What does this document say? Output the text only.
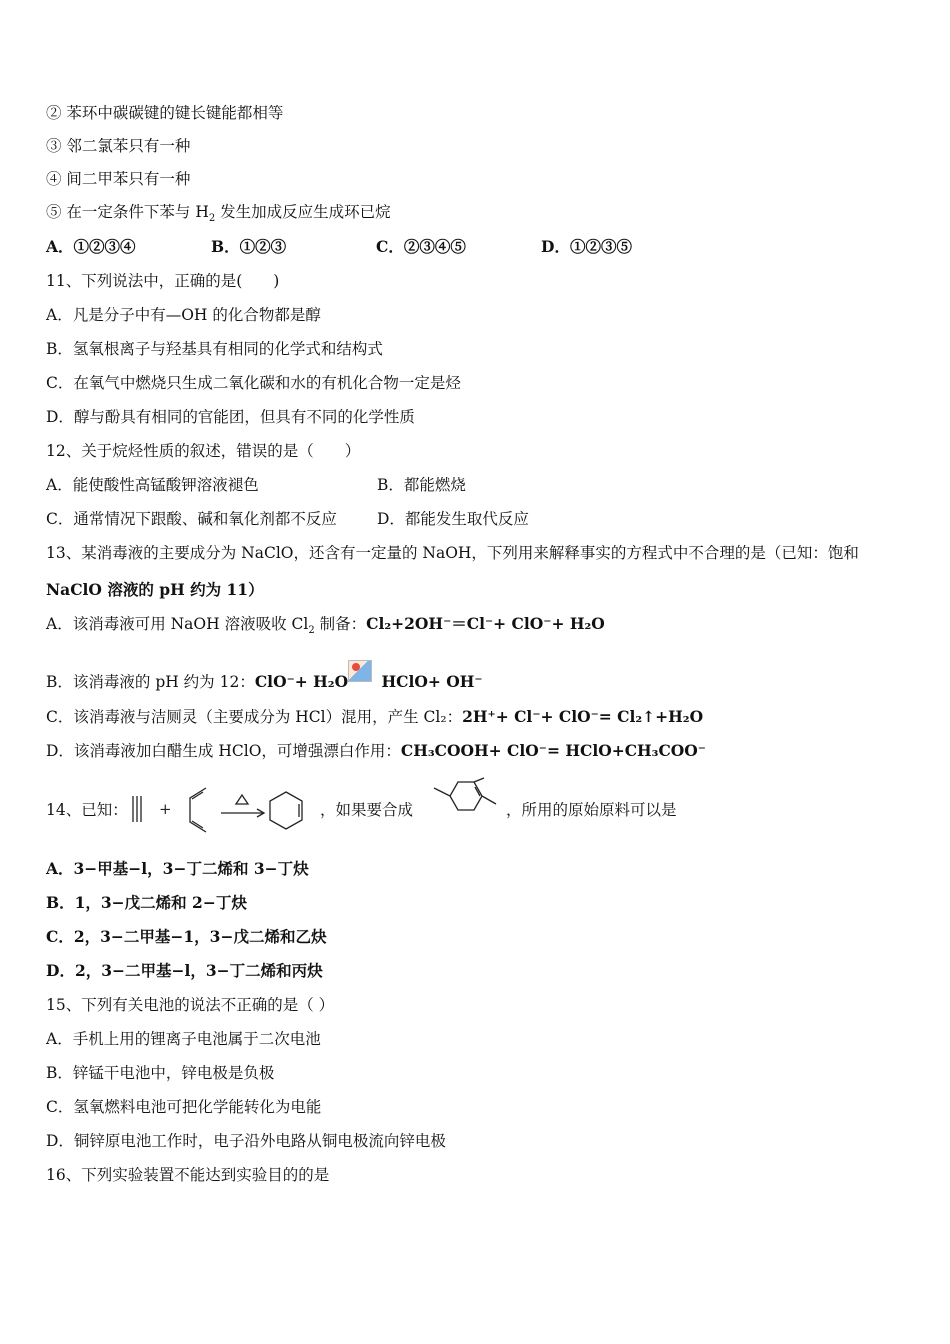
② 苯环中碳碳键的键长键能都相等
③ 邻二氯苯只有一种
④ 间二甲苯只有一种
⑤ 在一定条件下苯与 $H_2$ 发生加成反应生成环已烷
A．①②③④	B．①②③	C．②③④⑤	D．①②③⑤
11、下列说法中，正确的是(　　)
A．凡是分子中有—OH 的化合物都是醇
B．氢氧根离子与羟基具有相同的化学式和结构式
C．在氧气中燃烧只生成二氧化碳和水的有机化合物一定是烃
D．醇与酚具有相同的官能团，但具有不同的化学性质
12、关于烷烃性质的叙述，错误的是（　　）
A．能使酸性高锰酸钾溶液褪色	B．都能燃烧
C．通常情况下跟酸、碱和氧化剂都不反应	D．都能发生取代反应
13、某消毒液的主要成分为 NaClO，还含有一定量的 NaOH，下列用来解释事实的方程式中不合理的是（已知：饱和
NaClO 溶液的 pH 约为 11）
A．该消毒液可用 NaOH 溶液吸收 $Cl_2$ 制备：Cl₂+2OH⁻＝Cl⁻+ ClO⁻+ H₂O
B．该消毒液的 pH 约为 12：ClO⁻+ H₂O HClO+ OH⁻
C．该消毒液与洁厕灵（主要成分为 HCl）混用，产生 Cl₂：2H⁺+ Cl⁻+ ClO⁻= Cl₂↑+H₂O
D．该消毒液加白醋生成 HClO，可增强漂白作用：CH₃COOH+ ClO⁻= HClO+CH₃COO⁻
14、已知： +	，如果要合成	，所用的原始原料可以是
A．3−甲基−l，3−丁二烯和 3−丁炔
B．1，3−戊二烯和 2−丁炔
C．2，3−二甲基−1，3−戊二烯和乙炔
D．2，3−二甲基−l，3−丁二烯和丙炔
15、下列有关电池的说法不正确的是（ ）
A．手机上用的锂离子电池属于二次电池
B．锌锰干电池中，锌电极是负极
C．氢氧燃料电池可把化学能转化为电能
D．铜锌原电池工作时，电子沿外电路从铜电极流向锌电极
16、下列实验装置不能达到实验目的的是
